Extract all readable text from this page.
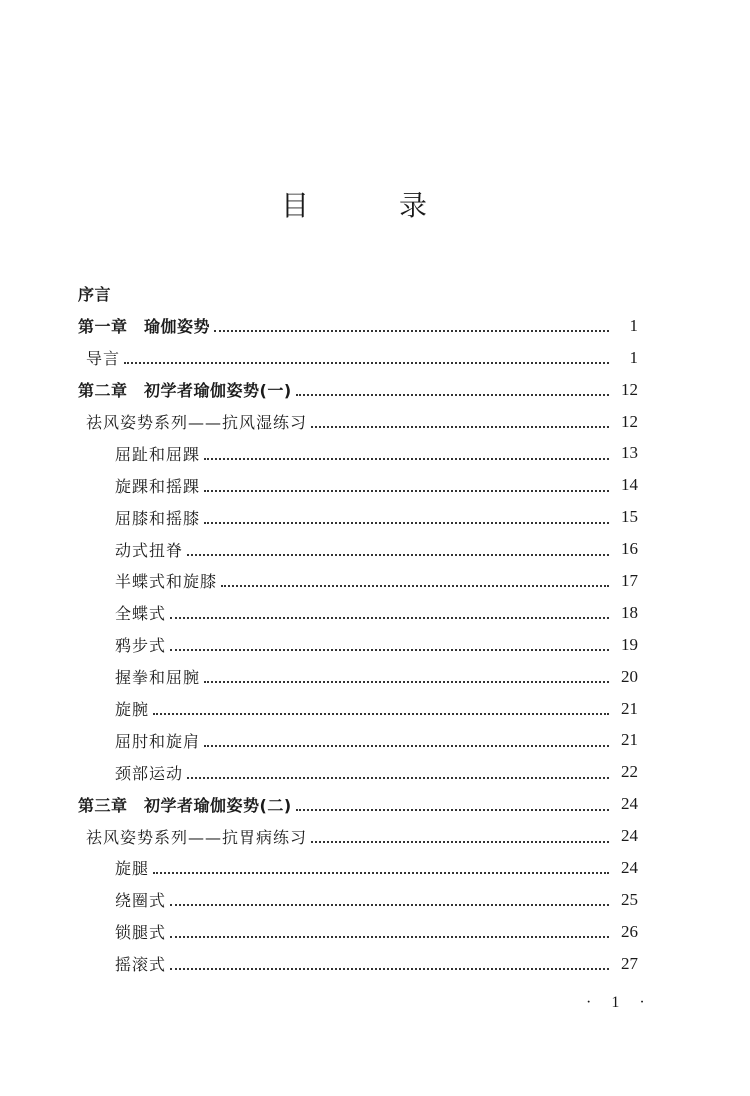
目	录
序言
第一章　瑜伽姿势	1
导言	1
第二章　初学者瑜伽姿势(一)	12
祛风姿势系列——抗风湿练习	12
屈趾和屈踝	13
旋踝和摇踝	14
屈膝和摇膝	15
动式扭脊	16
半蝶式和旋膝	17
全蝶式	18
鸦步式	19
握拳和屈腕	20
旋腕	21
屈肘和旋肩	21
颈部运动	22
第三章　初学者瑜伽姿势(二)	24
祛风姿势系列——抗胃病练习	24
旋腿	24
绕圈式	25
锁腿式	26
摇滚式	27
· 1 ·
